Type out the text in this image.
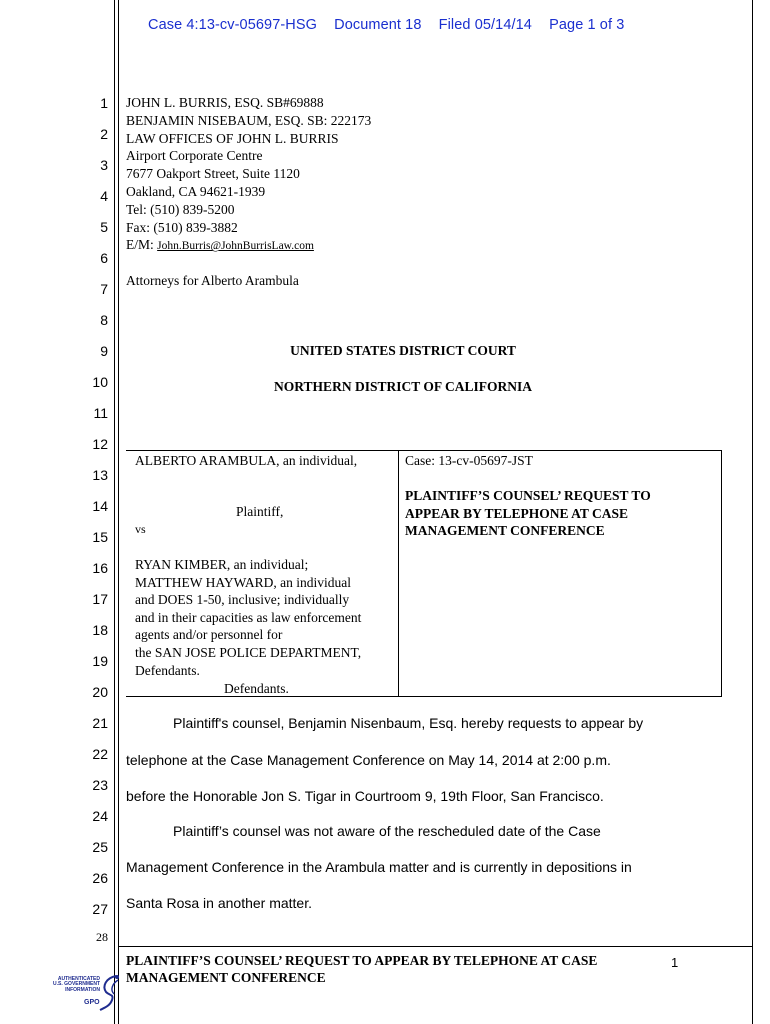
Case 4:13-cv-05697-HSG Document 18 Filed 05/14/14 Page 1 of 3
1
2
3
4
5
6
7
8
9
10
11
12
13
14
15
16
17
18
19
20
21
22
23
24
25
26
27
28
JOHN L. BURRIS, ESQ. SB#69888
BENJAMIN NISEBAUM, ESQ. SB: 222173
LAW OFFICES OF JOHN L. BURRIS
Airport Corporate Centre
7677 Oakport Street, Suite 1120
Oakland, CA 94621-1939
Tel: (510) 839-5200
Fax: (510) 839-3882
E/M: John.Burris@JohnBurrisLaw.com
Attorneys for Alberto Arambula
UNITED STATES DISTRICT COURT
NORTHERN DISTRICT OF CALIFORNIA
ALBERTO ARAMBULA, an individual,
Plaintiff,
vs
RYAN KIMBER, an individual;
MATTHEW HAYWARD, an individual
and DOES 1-50, inclusive; individually
and in their capacities as law enforcement
agents and/or personnel for
the SAN JOSE POLICE DEPARTMENT,
Defendants.
Defendants.
Case: 13-cv-05697-JST
PLAINTIFF’S COUNSEL’ REQUEST TO
APPEAR BY TELEPHONE AT CASE
MANAGEMENT CONFERENCE
Plaintiff's counsel, Benjamin Nisenbaum, Esq. hereby requests to appear by
telephone at the Case Management Conference on May 14, 2014 at 2:00 p.m.
before the Honorable Jon S. Tigar in Courtroom 9, 19th Floor, San Francisco.
Plaintiff’s counsel was not aware of the rescheduled date of the Case
Management Conference in the Arambula matter and is currently in depositions in
Santa Rosa in another matter.
PLAINTIFF’S COUNSEL’ REQUEST TO APPEAR BY TELEPHONE AT CASE
MANAGEMENT CONFERENCE
1
AUTHENTICATED
U.S. GOVERNMENT
INFORMATION
GPO
